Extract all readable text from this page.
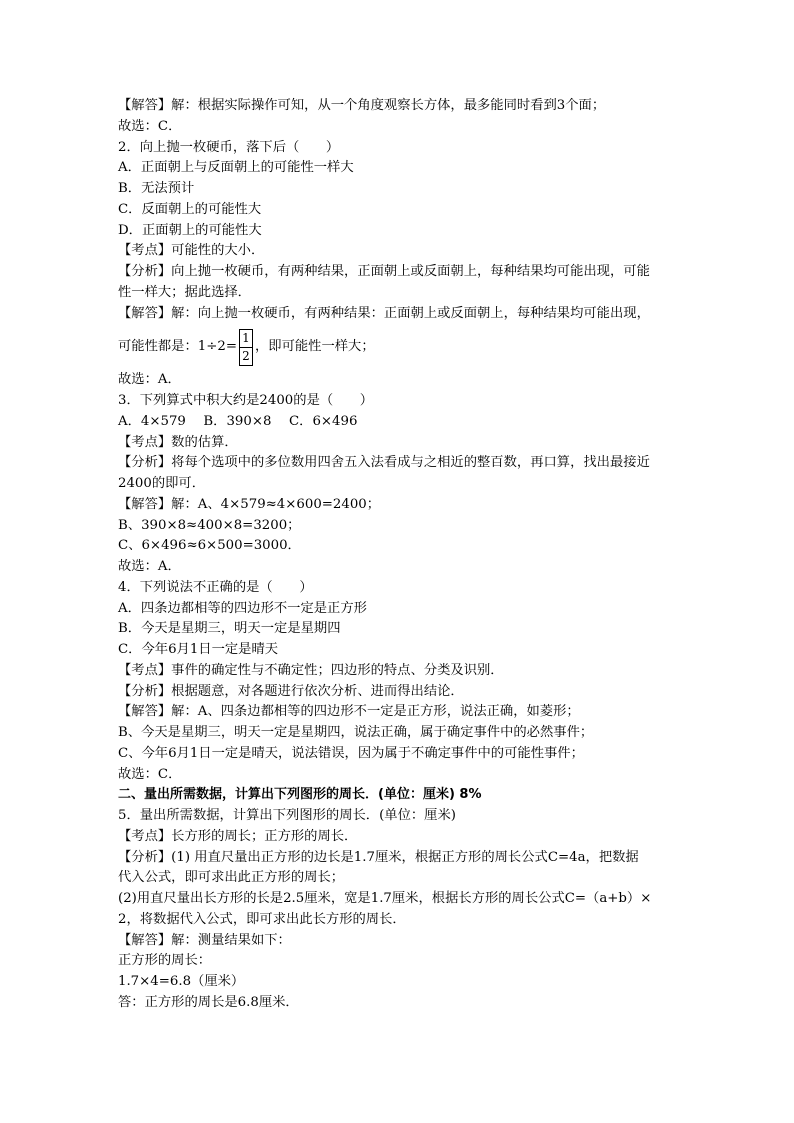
【解答】解：根据实际操作可知，从一个角度观察长方体，最多能同时看到3个面；
故选：C．
2．向上抛一枚硬币，落下后（　　）
A．正面朝上与反面朝上的可能性一样大
B．无法预计
C．反面朝上的可能性大
D．正面朝上的可能性大
【考点】可能性的大小．
【分析】向上抛一枚硬币，有两种结果，正面朝上或反面朝上，每种结果均可能出现，可能
性一样大；据此选择．
【解答】解：向上抛一枚硬币，有两种结果：正面朝上或反面朝上，每种结果均可能出现，
可能性都是：$1\div 2= \frac{1}{2}$ ，即可能性一样大；
故选：A．
3．下列算式中积大约是2400的是（　　）
A．4×579　 B．390×8　 C．6×496
【考点】数的估算．
【分析】将每个选项中的多位数用四舍五入法看成与之相近的整百数，再口算，找出最接近
2400的即可．
【解答】解：A、4×579≈4×600=2400；
B、390×8≈400×8=3200；
C、6×496≈6×500=3000．
故选：A．
4．下列说法不正确的是（　　）
A．四条边都相等的四边形不一定是正方形
B．今天是星期三，明天一定是星期四
C．今年6月1日一定是晴天
【考点】事件的确定性与不确定性；四边形的特点、分类及识别．
【分析】根据题意，对各题进行依次分析、进而得出结论．
【解答】解：A、四条边都相等的四边形不一定是正方形，说法正确，如菱形；
B、今天是星期三，明天一定是星期四，说法正确，属于确定事件中的必然事件；
C、今年6月1日一定是晴天，说法错误，因为属于不确定事件中的可能性事件；
故选：C．
二、量出所需数据，计算出下列图形的周长．(单位：厘米) 8%
5．量出所需数据，计算出下列图形的周长．(单位：厘米)
【考点】长方形的周长；正方形的周长．
【分析】(1) 用直尺量出正方形的边长是1.7厘米，根据正方形的周长公式C=4a，把数据
代入公式，即可求出此正方形的周长；
(2)用直尺量出长方形的长是2.5厘米，宽是1.7厘米，根据长方形的周长公式C=（a+b）×
2，将数据代入公式，即可求出此长方形的周长．
【解答】解：测量结果如下：
正方形的周长：
1.7×4=6.8（厘米）
答：正方形的周长是6.8厘米．
